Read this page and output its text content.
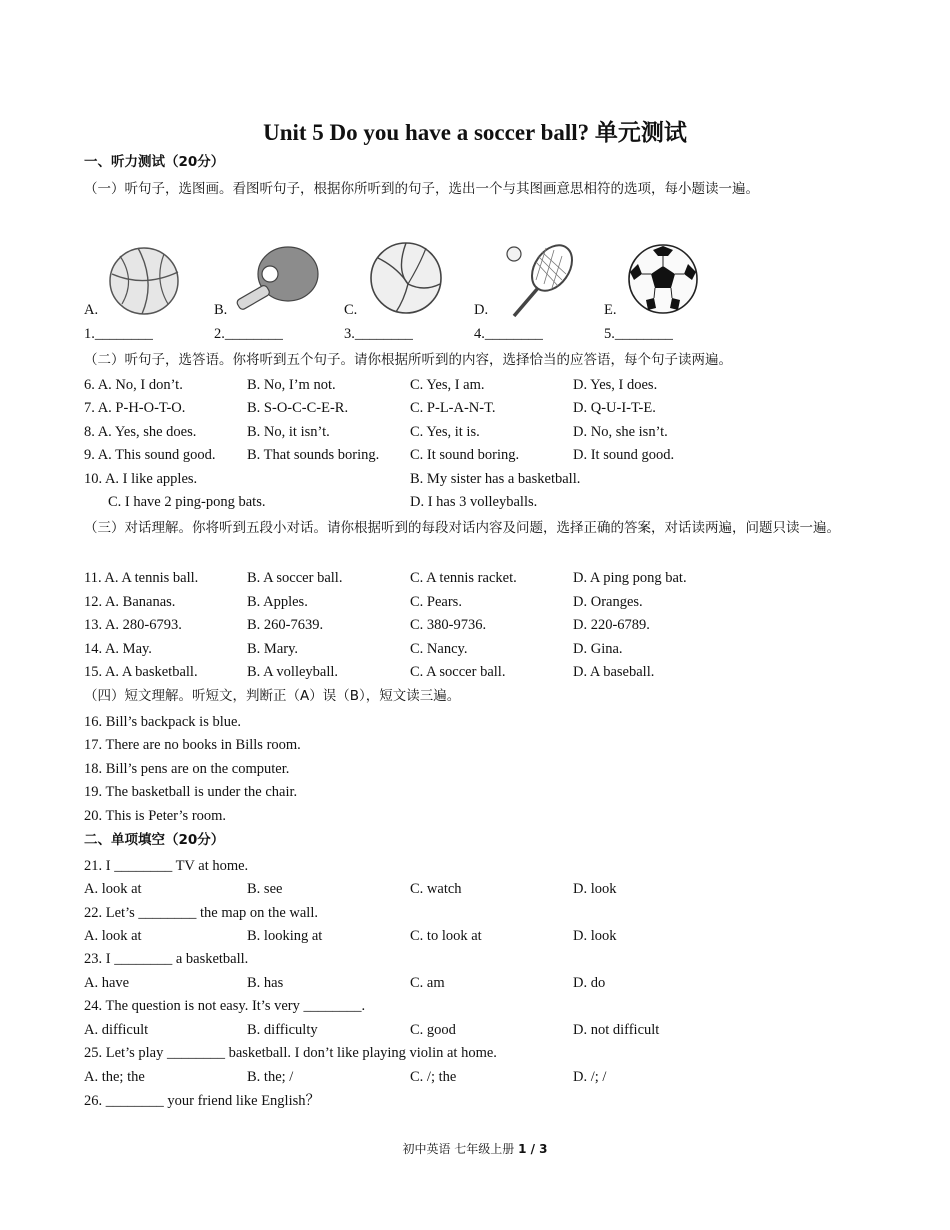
Unit 5 Do you have a soccer ball? 单元测试
一、听力测试（20分）
（一）听句子，选图画。看图听句子，根据你所听到的句子，选出一个与其图画意思相符的选项，每小题读一遍。
A.	B.	C.	D.	E.
1.________	2.________	3.________	4.________	5.________
（二）听句子，选答语。你将听到五个句子。请你根据所听到的内容，选择恰当的应答语，每个句子读两遍。
6. A. No, I don’t.	B. No, I’m not.	C. Yes, I am.	D. Yes, I does.
7. A. P-H-O-T-O.	B. S-O-C-C-E-R.	C. P-L-A-N-T.	D. Q-U-I-T-E.
8. A. Yes, she does.	B. No, it isn’t.	C. Yes, it is.	D. No, she isn’t.
9. A. This sound good. B. That sounds boring. C. It sound boring.	D. It sound good.
10. A. I like apples.	B. My sister has a basketball.
C. I have 2 ping-pong bats.	D. I has 3 volleyballs.
（三）对话理解。你将听到五段小对话。请你根据听到的每段对话内容及问题，选择正确的答案，对话读两遍，问题只读一遍。
11. A. A tennis ball.	B. A soccer ball.	C. A tennis racket.	D. A ping pong bat.
12. A. Bananas.	B. Apples.	C. Pears.	D. Oranges.
13. A. 280-6793.	B. 260-7639.	C. 380-9736.	D. 220-6789.
14. A. May.	B. Mary.	C. Nancy.	D. Gina.
15. A. A basketball.	B. A volleyball.	C. A soccer ball.	D. A baseball.
（四）短文理解。听短文，判断正（A）误（B），短文读三遍。
16. Bill’s backpack is blue.
17. There are no books in Bills room.
18. Bill’s pens are on the computer.
19. The basketball is under the chair.
20. This is Peter’s room.
二、单项填空（20分）
21. I ________ TV at home.
A. look at	B. see	C. watch	D. look
22. Let’s ________ the map on the wall.
A. look at	B. looking at	C. to look at	D. look
23. I ________ a basketball.
A. have	B. has	C. am	D. do
24. The question is not easy. It’s very ________.
A. difficult	B. difficulty	C. good	D. not difficult
25. Let’s play ________ basketball. I don’t like playing violin at home.
A. the; the	B. the; /	C. /; the	D. /; /
26. ________ your friend like English？
初中英语 七年级上册 1 / 3
